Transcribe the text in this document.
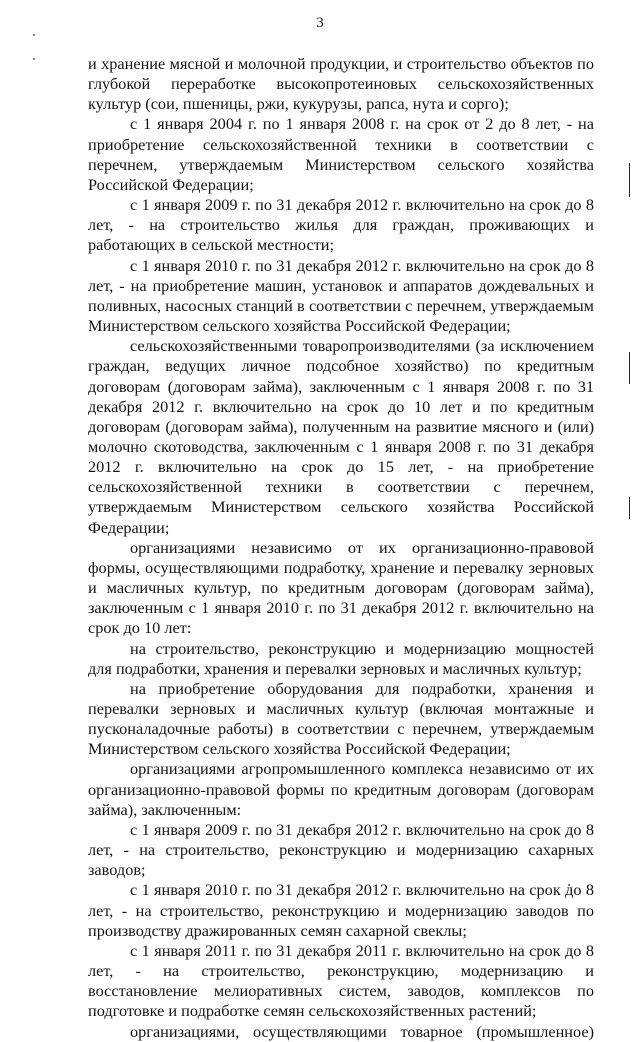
3

и хранение мясной и молочной продукции, и строительство объектов по глубокой переработке высокопротеиновых сельскохозяйственных культур (сои, пшеницы, ржи, кукурузы, рапса, нута и сорго);

с 1 января 2004 г. по 1 января 2008 г. на срок от 2 до 8 лет, - на приобретение сельскохозяйственной техники в соответствии с перечнем, утверждаемым Министерством сельского хозяйства Российской Федерации;

с 1 января 2009 г. по 31 декабря 2012 г. включительно на срок до 8 лет, - на строительство жилья для граждан, проживающих и работающих в сельской местности;

с 1 января 2010 г. по 31 декабря 2012 г. включительно на срок до 8 лет, - на приобретение машин, установок и аппаратов дождевальных и поливных, насосных станций в соответствии с перечнем, утверждаемым Министерством сельского хозяйства Российской Федерации;

сельскохозяйственными товаропроизводителями (за исключением граждан, ведущих личное подсобное хозяйство) по кредитным договорам (договорам займа), заключенным с 1 января 2008 г. по 31 декабря 2012 г. включительно на срок до 10 лет и по кредитным договорам (договорам займа), полученным на развитие мясного и (или) молочно скотоводства, заключенным с 1 января 2008 г. по 31 декабря 2012 г. включительно на срок до 15 лет, - на приобретение сельскохозяйственной техники в соответствии с перечнем, утверждаемым Министерством сельского хозяйства Российской Федерации;

организациями независимо от их организационно-правовой формы, осуществляющими подработку, хранение и перевалку зерновых и масличных культур, по кредитным договорам (договорам займа), заключенным с 1 января 2010 г. по 31 декабря 2012 г. включительно на срок до 10 лет:

на строительство, реконструкцию и модернизацию мощностей для подработки, хранения и перевалки зерновых и масличных культур;

на приобретение оборудования для подработки, хранения и перевалки зерновых и масличных культур (включая монтажные и пусконаладочные работы) в соответствии с перечнем, утверждаемым Министерством сельского хозяйства Российской Федерации;

организациями агропромышленного комплекса независимо от их организационно-правовой формы по кредитным договорам (договорам займа), заключенным:

с 1 января 2009 г. по 31 декабря 2012 г. включительно на срок до 8 лет, - на строительство, реконструкцию и модернизацию сахарных заводов;

с 1 января 2010 г. по 31 декабря 2012 г. включительно на срок до 8 лет, - на строительство, реконструкцию и модернизацию заводов по производству дражированных семян сахарной свеклы;

с 1 января 2011 г. по 31 декабря 2011 г. включительно на срок до 8 лет, - на строительство, реконструкцию, модернизацию и восстановление мелиоративных систем, заводов, комплексов по подготовке и подработке семян сельскохозяйственных растений;

организациями, осуществляющими товарное (промышленное)
